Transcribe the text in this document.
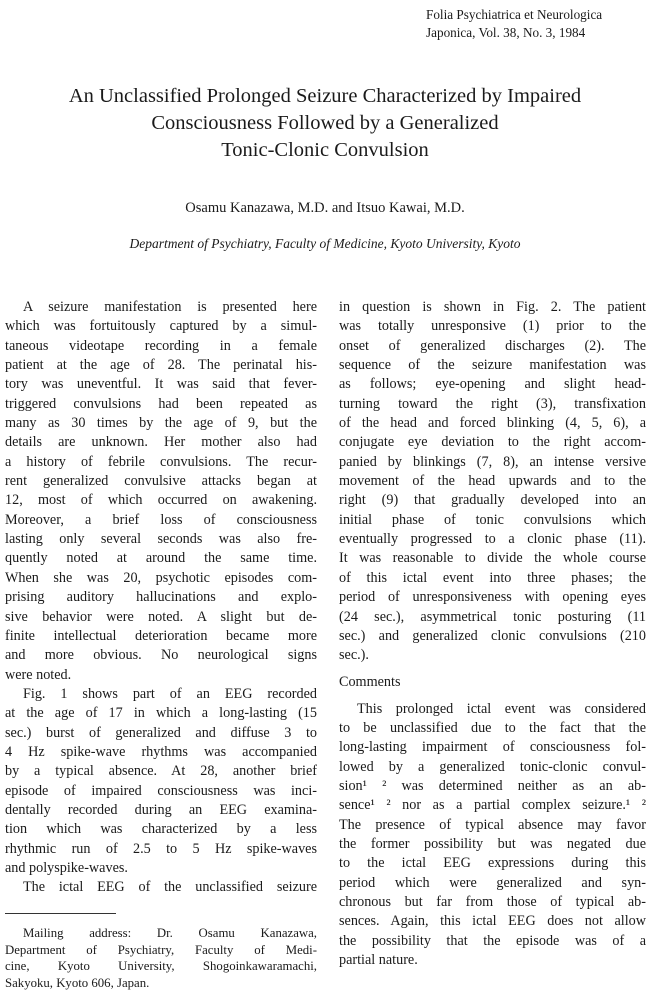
Folia Psychiatrica et Neurologica
Japonica, Vol. 38, No. 3, 1984
An Unclassified Prolonged Seizure Characterized by Impaired
Consciousness Followed by a Generalized
Tonic-Clonic Convulsion
Osamu Kanazawa, M.D. and Itsuo Kawai, M.D.
Department of Psychiatry, Faculty of Medicine, Kyoto University, Kyoto
A seizure manifestation is presented here
which was fortuitously captured by a simul-
taneous videotape recording in a female
patient at the age of 28. The perinatal his-
tory was uneventful. It was said that fever-
triggered convulsions had been repeated as
many as 30 times by the age of 9, but the
details are unknown. Her mother also had
a history of febrile convulsions. The recur-
rent generalized convulsive attacks began at
12, most of which occurred on awakening.
Moreover, a brief loss of consciousness
lasting only several seconds was also fre-
quently noted at around the same time.
When she was 20, psychotic episodes com-
prising auditory hallucinations and explo-
sive behavior were noted. A slight but de-
finite intellectual deterioration became more
and more obvious. No neurological signs
were noted.
Fig. 1 shows part of an EEG recorded
at the age of 17 in which a long-lasting (15
sec.) burst of generalized and diffuse 3 to
4 Hz spike-wave rhythms was accompanied
by a typical absence. At 28, another brief
episode of impaired consciousness was inci-
dentally recorded during an EEG examina-
tion which was characterized by a less
rhythmic run of 2.5 to 5 Hz spike-waves
and polyspike-waves.
The ictal EEG of the unclassified seizure
Mailing address: Dr. Osamu Kanazawa,
Department of Psychiatry, Faculty of Medi-
cine, Kyoto University, Shogoinkawaramachi,
Sakyoku, Kyoto 606, Japan.
in question is shown in Fig. 2. The patient
was totally unresponsive (1) prior to the
onset of generalized discharges (2). The
sequence of the seizure manifestation was
as follows; eye-opening and slight head-
turning toward the right (3), transfixation
of the head and forced blinking (4, 5, 6), a
conjugate eye deviation to the right accom-
panied by blinkings (7, 8), an intense versive
movement of the head upwards and to the
right (9) that gradually developed into an
initial phase of tonic convulsions which
eventually progressed to a clonic phase (11).
It was reasonable to divide the whole course
of this ictal event into three phases; the
period of unresponsiveness with opening eyes
(24 sec.), asymmetrical tonic posturing (11
sec.) and generalized clonic convulsions (210
sec.).
Comments
This prolonged ictal event was considered
to be unclassified due to the fact that the
long-lasting impairment of consciousness fol-
lowed by a generalized tonic-clonic convul-
sion¹ ² was determined neither as an ab-
sence¹ ² nor as a partial complex seizure.¹ ²
The presence of typical absence may favor
the former possibility but was negated due
to the ictal EEG expressions during this
period which were generalized and syn-
chronous but far from those of typical ab-
sences. Again, this ictal EEG does not allow
the possibility that the episode was of a
partial nature.
